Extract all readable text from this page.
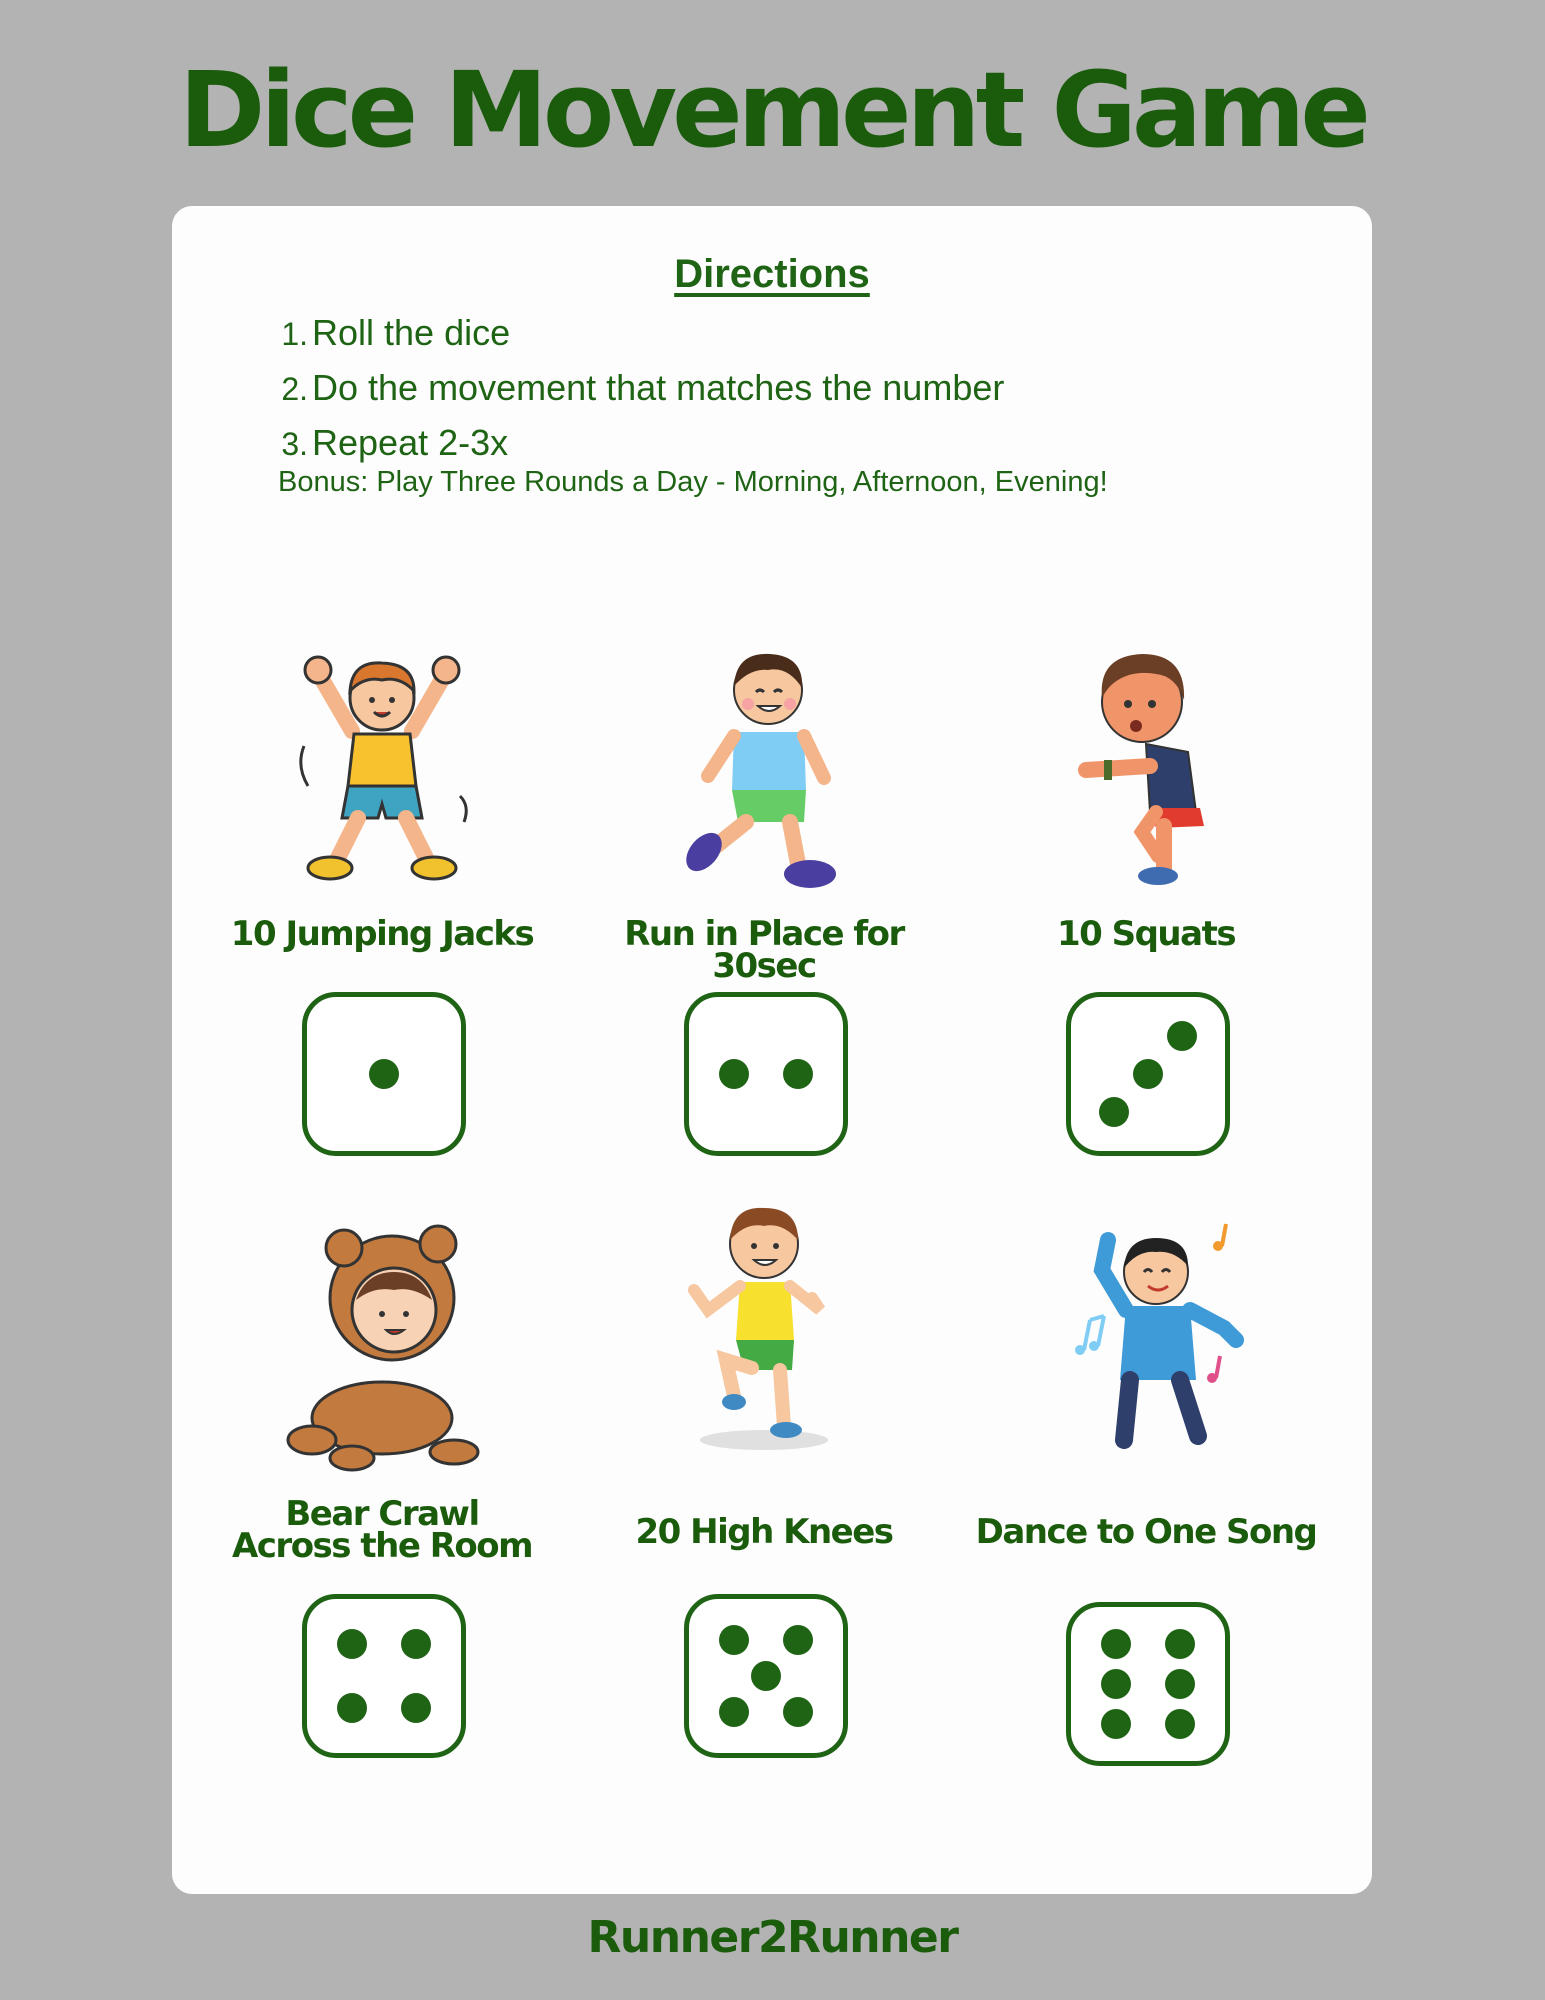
Dice Movement Game
Directions
1. Roll the dice
2. Do the movement that matches the number
3. Repeat 2-3x
Bonus: Play Three Rounds a Day - Morning, Afternoon, Evening!
10 Jumping Jacks	Run in Place for 30sec
10 Squats
Bear Crawl
Across the Room	20 High Knees	Dance to One Song
Runner2Runner
